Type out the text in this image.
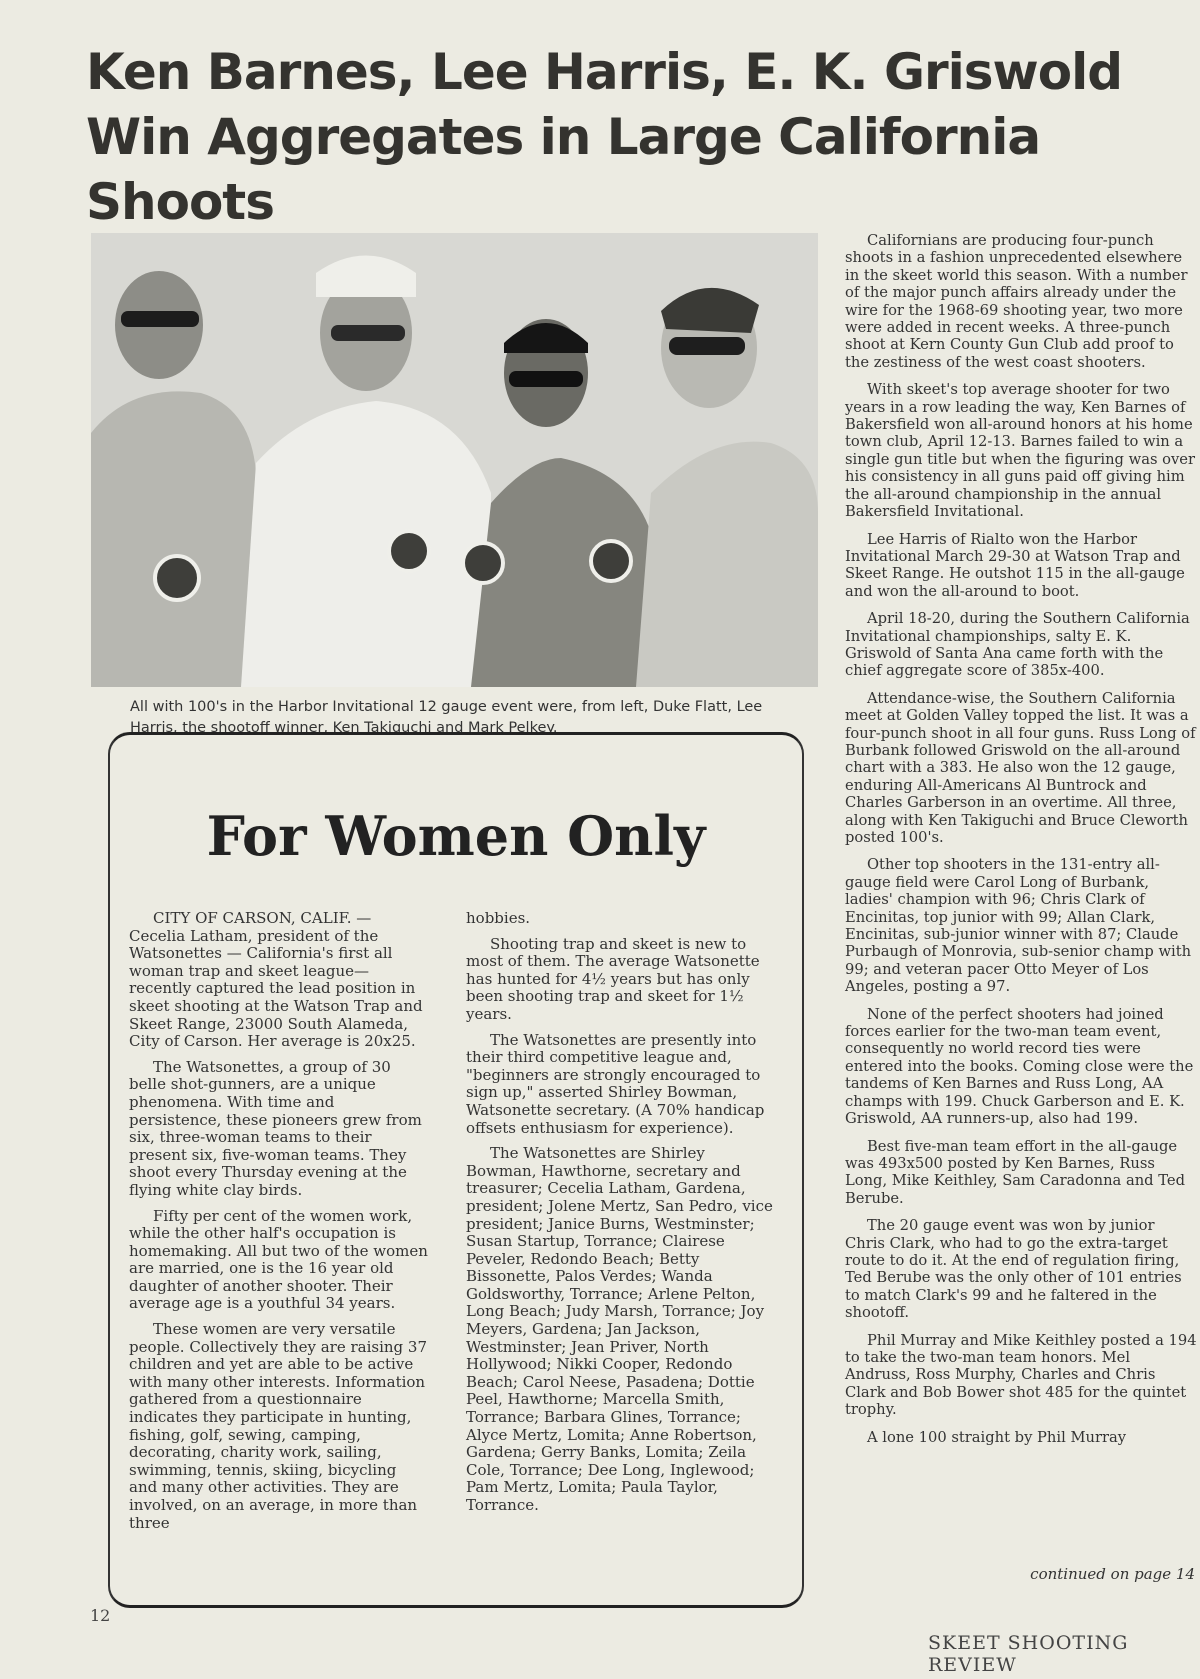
Ken Barnes, Lee Harris, E. K. Griswold
Win Aggregates in Large California Shoots

All with 100's in the Harbor Invitational 12 gauge event were, from left, Duke Flatt, Lee Harris, the shootoff winner, Ken Takiguchi and Mark Pelkey.

For Women Only

CITY OF CARSON, CALIF. — Cecelia Latham, president of the Watsonettes — California's first all woman trap and skeet league— recently captured the lead position in skeet shooting at the Watson Trap and Skeet Range, 23000 South Alameda, City of Carson. Her average is 20x25.

The Watsonettes, a group of 30 belle shot-gunners, are a unique phenomena. With time and persistence, these pioneers grew from six, three-woman teams to their present six, five-woman teams. They shoot every Thursday evening at the flying white clay birds.

Fifty per cent of the women work, while the other half's occupation is homemaking. All but two of the women are married, one is the 16 year old daughter of another shooter. Their average age is a youthful 34 years.

These women are very versatile people. Collectively they are raising 37 children and yet are able to be active with many other interests. Information gathered from a questionnaire indicates they participate in hunting, fishing, golf, sewing, camping, decorating, charity work, sailing, swimming, tennis, skiing, bicycling and many other activities. They are involved, on an average, in more than three

hobbies.

Shooting trap and skeet is new to most of them. The average Watsonette has hunted for 4½ years but has only been shooting trap and skeet for 1½ years.

The Watsonettes are presently into their third competitive league and, "beginners are strongly encouraged to sign up," asserted Shirley Bowman, Watsonette secretary. (A 70% handicap offsets enthusiasm for experience).

The Watsonettes are Shirley Bowman, Hawthorne, secretary and treasurer; Cecelia Latham, Gardena, president; Jolene Mertz, San Pedro, vice president; Janice Burns, Westminster; Susan Startup, Torrance; Clairese Peveler, Redondo Beach; Betty Bissonette, Palos Verdes; Wanda Goldsworthy, Torrance; Arlene Pelton, Long Beach; Judy Marsh, Torrance; Joy Meyers, Gardena; Jan Jackson, Westminster; Jean Priver, North Hollywood; Nikki Cooper, Redondo Beach; Carol Neese, Pasadena; Dottie Peel, Hawthorne; Marcella Smith, Torrance; Barbara Glines, Torrance; Alyce Mertz, Lomita; Anne Robertson, Gardena; Gerry Banks, Lomita; Zeila Cole, Torrance; Dee Long, Inglewood; Pam Mertz, Lomita; Paula Taylor, Torrance.

Californians are producing four-punch shoots in a fashion unprecedented elsewhere in the skeet world this season. With a number of the major punch affairs already under the wire for the 1968-69 shooting year, two more were added in recent weeks. A three-punch shoot at Kern County Gun Club add proof to the zestiness of the west coast shooters.

With skeet's top average shooter for two years in a row leading the way, Ken Barnes of Bakersfield won all-around honors at his home town club, April 12-13. Barnes failed to win a single gun title but when the figuring was over his consistency in all guns paid off giving him the all-around championship in the annual Bakersfield Invitational.

Lee Harris of Rialto won the Harbor Invitational March 29-30 at Watson Trap and Skeet Range. He outshot 115 in the all-gauge and won the all-around to boot.

April 18-20, during the Southern California Invitational championships, salty E. K. Griswold of Santa Ana came forth with the chief aggregate score of 385x-400.

Attendance-wise, the Southern California meet at Golden Valley topped the list. It was a four-punch shoot in all four guns. Russ Long of Burbank followed Griswold on the all-around chart with a 383. He also won the 12 gauge, enduring All-Americans Al Buntrock and Charles Garberson in an overtime. All three, along with Ken Takiguchi and Bruce Cleworth posted 100's.

Other top shooters in the 131-entry all-gauge field were Carol Long of Burbank, ladies' champion with 96; Chris Clark of Encinitas, top junior with 99; Allan Clark, Encinitas, sub-junior winner with 87; Claude Purbaugh of Monrovia, sub-senior champ with 99; and veteran pacer Otto Meyer of Los Angeles, posting a 97.

None of the perfect shooters had joined forces earlier for the two-man team event, consequently no world record ties were entered into the books. Coming close were the tandems of Ken Barnes and Russ Long, AA champs with 199. Chuck Garberson and E. K. Griswold, AA runners-up, also had 199.

Best five-man team effort in the all-gauge was 493x500 posted by Ken Barnes, Russ Long, Mike Keithley, Sam Caradonna and Ted Berube.

The 20 gauge event was won by junior Chris Clark, who had to go the extra-target route to do it. At the end of regulation firing, Ted Berube was the only other of 101 entries to match Clark's 99 and he faltered in the shootoff.

Phil Murray and Mike Keithley posted a 194 to take the two-man team honors. Mel Andruss, Ross Murphy, Charles and Chris Clark and Bob Bower shot 485 for the quintet trophy.

A lone 100 straight by Phil Murray

continued on page 14
12
SKEET SHOOTING REVIEW
